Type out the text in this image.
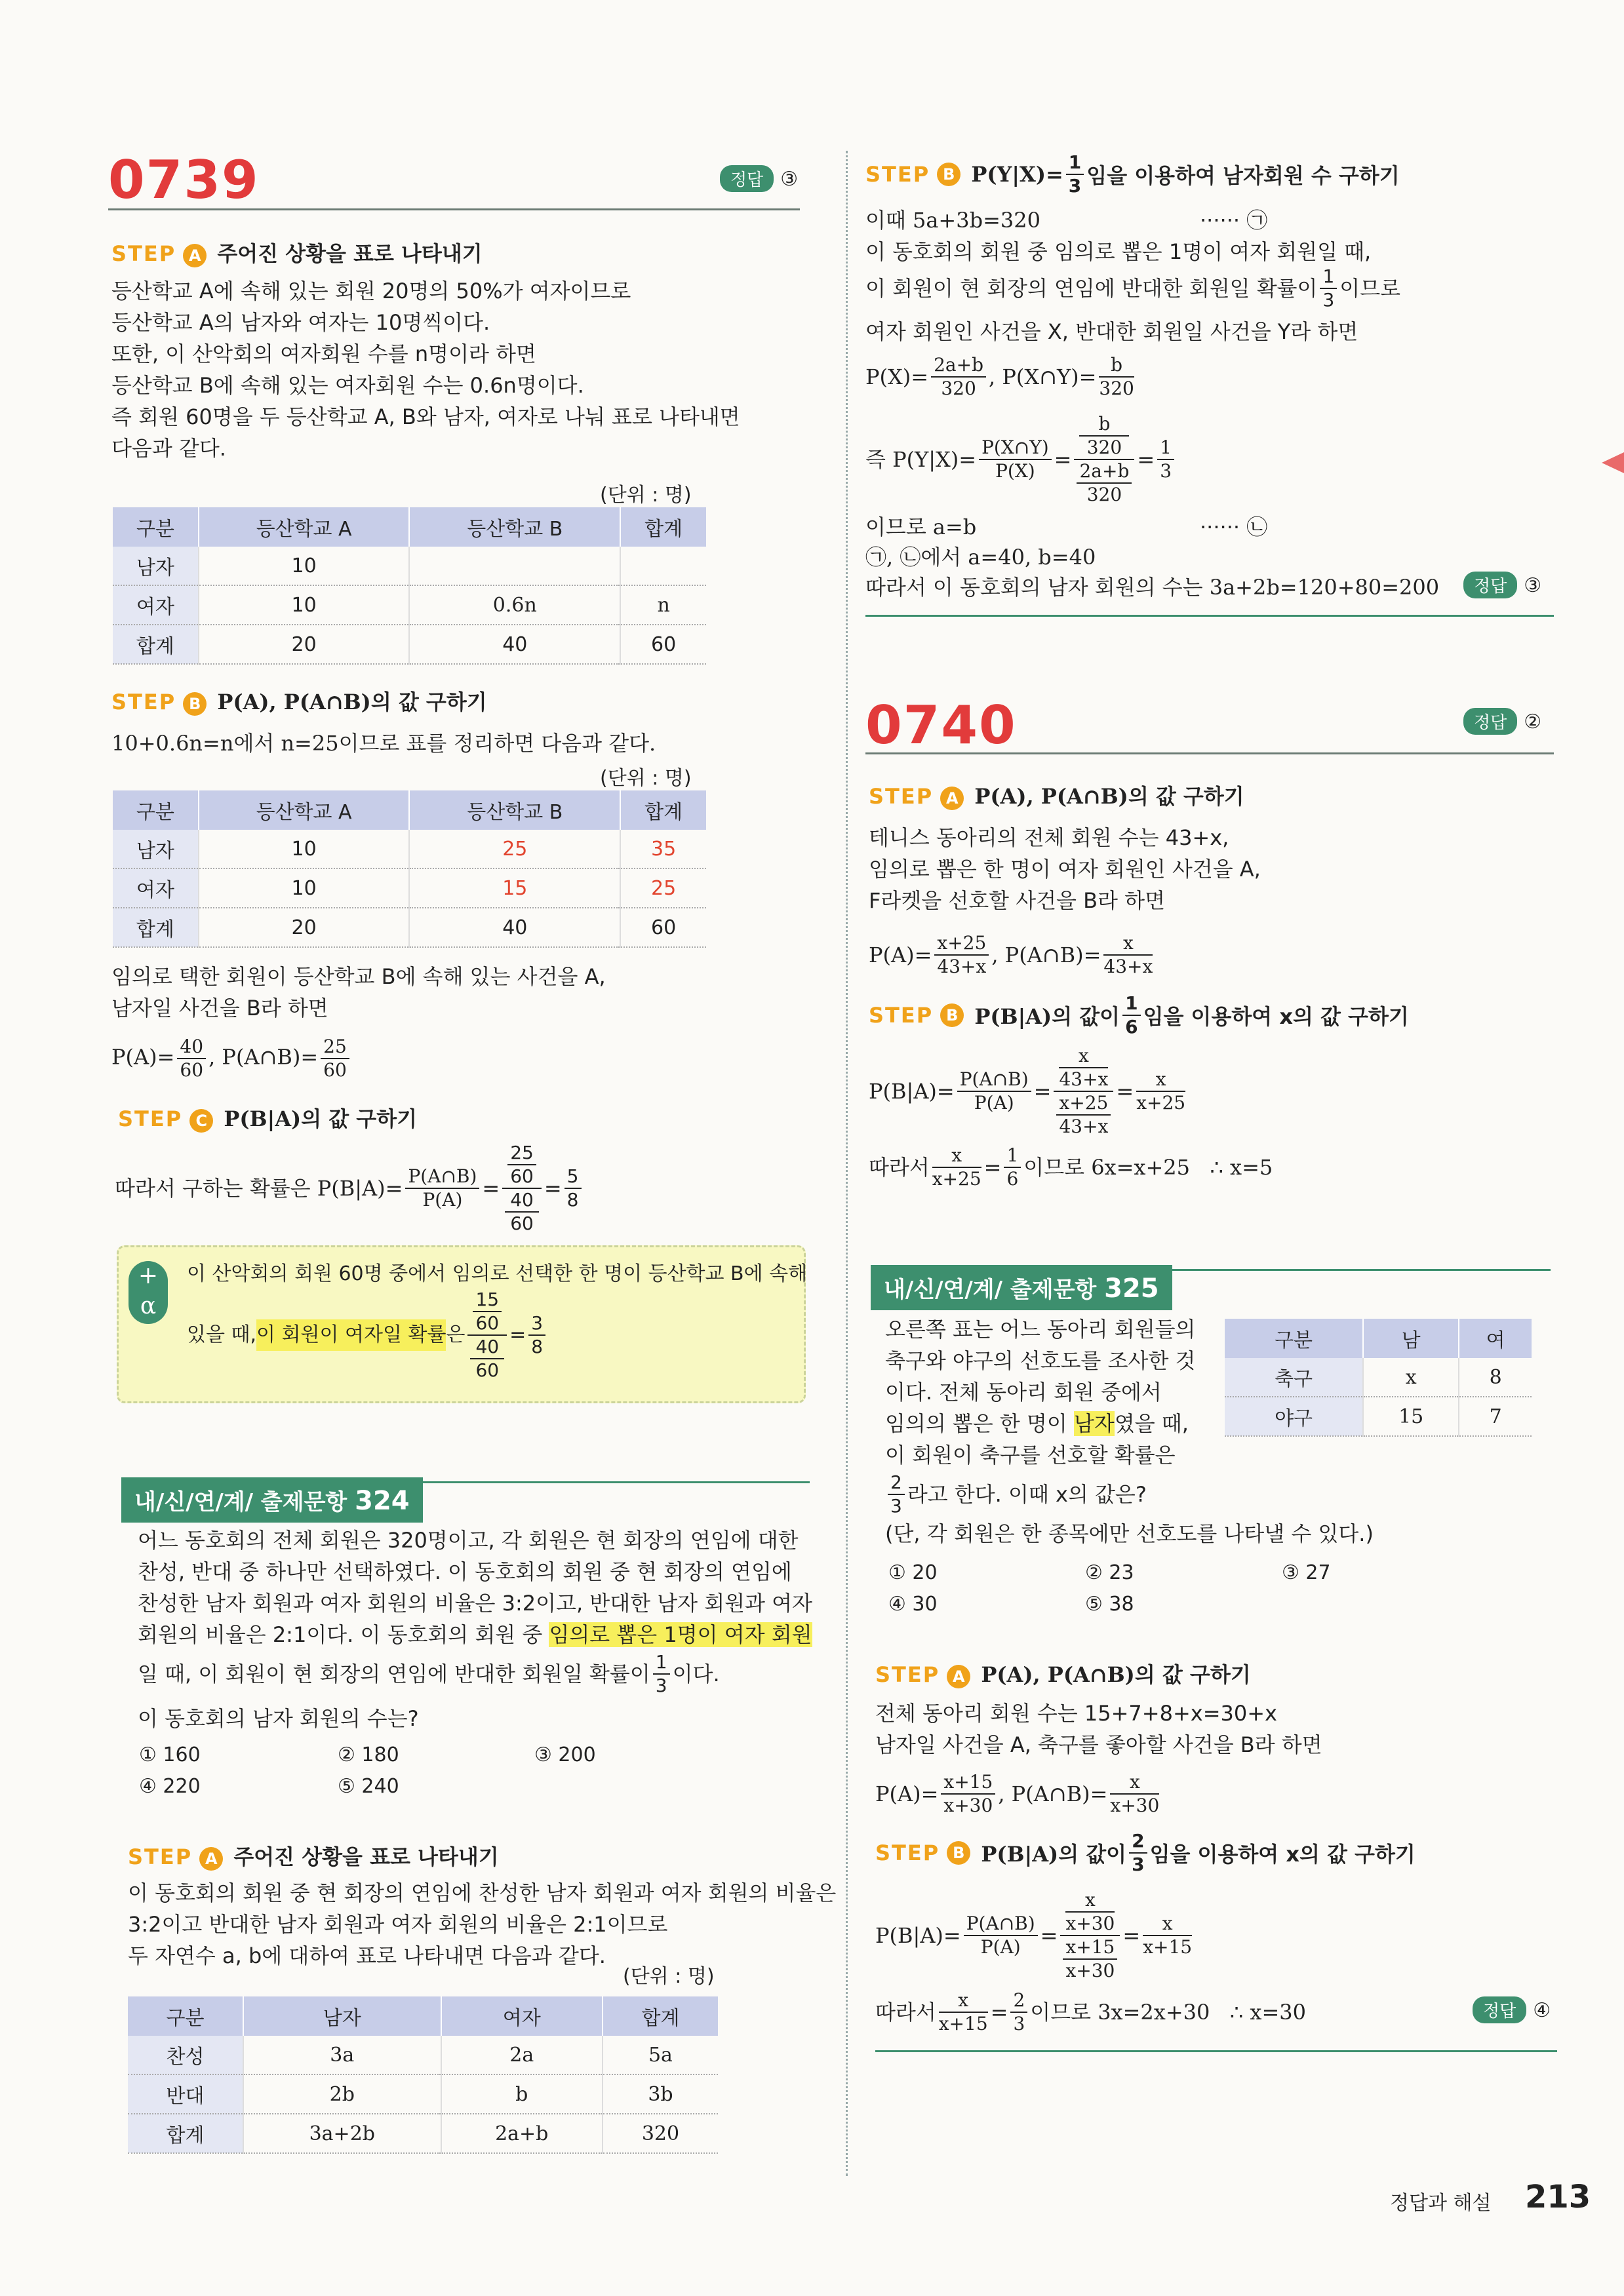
0739	정답 ③
STEP A 주어진 상황을 표로 나타내기
등산학교 A에 속해 있는 회원 20명의 50%가 여자이므로
등산학교 A의 남자와 여자는 10명씩이다.
또한, 이 산악회의 여자회원 수를 n명이라 하면
등산학교 B에 속해 있는 여자회원 수는 0.6n명이다.
즉 회원 60명을 두 등산학교 A, B와 남자, 여자로 나눠 표로 나타내면
다음과 같다.
(단위 : 명)
구분	등산학교 A	등산학교 B	합계
남자	10		
여자	10	0.6n	n
합계	20	40	60
STEP B P(A), P(A∩B)의 값 구하기
10+0.6n=n에서 n=25이므로 표를 정리하면 다음과 같다.
(단위 : 명)
구분	등산학교 A	등산학교 B	합계
남자	10	25	35
여자	10	15	25
합계	20	40	60
임의로 택한 회원이 등산학교 B에 속해 있는 사건을 A,
남자일 사건을 B라 하면
$P(A)= \frac{40}{60}$ , P(A∩B)= $\frac{25}{60}$
STEP C P(B|A)의 값 구하기
따라서 구하는 확률은 $P(B|A)= \frac{P(A\cap B)}{P(A)} = 25$
60
40
$60 = \frac{5}{8}$
+
α
이 산악회의 회원 60명 중에서 임의로 선택한 한 명이 등산학교 B에 속해
있을 때, 이 회원이 여자일 확률 은 15
60
40
$60 = \frac{3}{8}$
내/신/연/계/ 출제문항 324
어느 동호회의 전체 회원은 320명이고, 각 회원은 현 회장의 연임에 대한
찬성, 반대 중 하나만 선택하였다. 이 동호회의 회원 중 현 회장의 연임에
찬성한 남자 회원과 여자 회원의 비율은 3:2이고, 반대한 남자 회원과 여자
회원의 비율은 2:1이다. 이 동호회의 회원 중 임의로 뽑은 1명이 여자 회원
일 때, 이 회원이 현 회장의 연임에 반대한 회원일 확률이 $\frac{1}{3}$ 이다.
이 동호회의 남자 회원의 수는?
① 160	② 180	③ 200
④ 220	⑤ 240
STEP A 주어진 상황을 표로 나타내기
이 동호회의 회원 중 현 회장의 연임에 찬성한 남자 회원과 여자 회원의 비율은
3:2이고 반대한 남자 회원과 여자 회원의 비율은 2:1이므로
두 자연수 a, b에 대하여 표로 나타내면 다음과 같다.
(단위 : 명)
구분	남자	여자	합계
찬성	3a	2a	5a
반대	2b	b	3b
합계	3a+2b	2a+b	320
STEP
B $P(Y|X)= \frac{1}{3}$ 임을 이용하여 남자회원 수 구하기
이때 5a+3b=320	······ ㉠
이 동호회의 회원 중 임의로 뽑은 1명이 여자 회원일 때,
이 회원이 현 회장의 연임에 반대한 회원일 확률이 $\frac{1}{3}$ 이므로
여자 회원인 사건을 X, 반대한 회원일 사건을 Y라 하면
$P(X)= \frac{2a+b}{320}$ , P(X∩Y)= $\frac{b}{320}$
즉 $P(Y|X)= \frac{P(X\cap Y)}{P(X)} = b$
320
2a+b
$320 = \frac{1}{3}$
이므로 a=b	······ ㉡
㉠, ㉡에서 a=40, b=40
따라서 이 동호회의 남자 회원의 수는 3a+2b=120+80=200	정답 ③
0740	정답 ②
STEP A P(A), P(A∩B)의 값 구하기
테니스 동아리의 전체 회원 수는 43+x,
임의로 뽑은 한 명이 여자 회원인 사건을 A,
F라켓을 선호할 사건을 B라 하면
$P(A)= \frac{x+25}{43+x}$ , P(A∩B)= $\frac{x}{43+x}$
STEP
B P(B|A)의 값이 $\frac{1}{6}$ 임을 이용하여 x의 값 구하기
$P(B|A)= \frac{P(A\cap B)}{P(A)} = x$
43+x
x+25
$43+x = \frac{x}{x+25}$
따라서 $\frac{x}{x+25} = \frac{1}{6}$ 이므로 6x=x+25
∴ x=5
내/신/연/계/ 출제문항 325
오른쪽 표는 어느 동아리 회원들의
축구와 야구의 선호도를 조사한 것
이다. 전체 동아리 회원 중에서
임의의 뽑은 한 명이 남자였을 때,
이 회원이 축구를 선호할 확률은
$\frac{2}{3}$ 라고 한다. 이때 x의 값은?
(단, 각 회원은 한 종목에만 선호도를 나타낼 수 있다.)
① 20	② 23	③ 27
④ 30	⑤ 38
구분	남	여
축구	x	8
야구	15	7
STEP A P(A), P(A∩B)의 값 구하기
전체 동아리 회원 수는 15+7+8+x=30+x
남자일 사건을 A, 축구를 좋아할 사건을 B라 하면
$P(A)= \frac{x+15}{x+30}$ , P(A∩B)= $\frac{x}{x+30}$
STEP
B P(B|A)의 값이 $\frac{2}{3}$ 임을 이용하여 x의 값 구하기
$P(B|A)= \frac{P(A\cap B)}{P(A)} = x$
x+30
x+15
$x+30 = \frac{x}{x+15}$
따라서 $\frac{x}{x+15} = \frac{2}{3}$ 이므로 3x=2x+30
∴ x=30	정답 ④
정답과 해설 213
